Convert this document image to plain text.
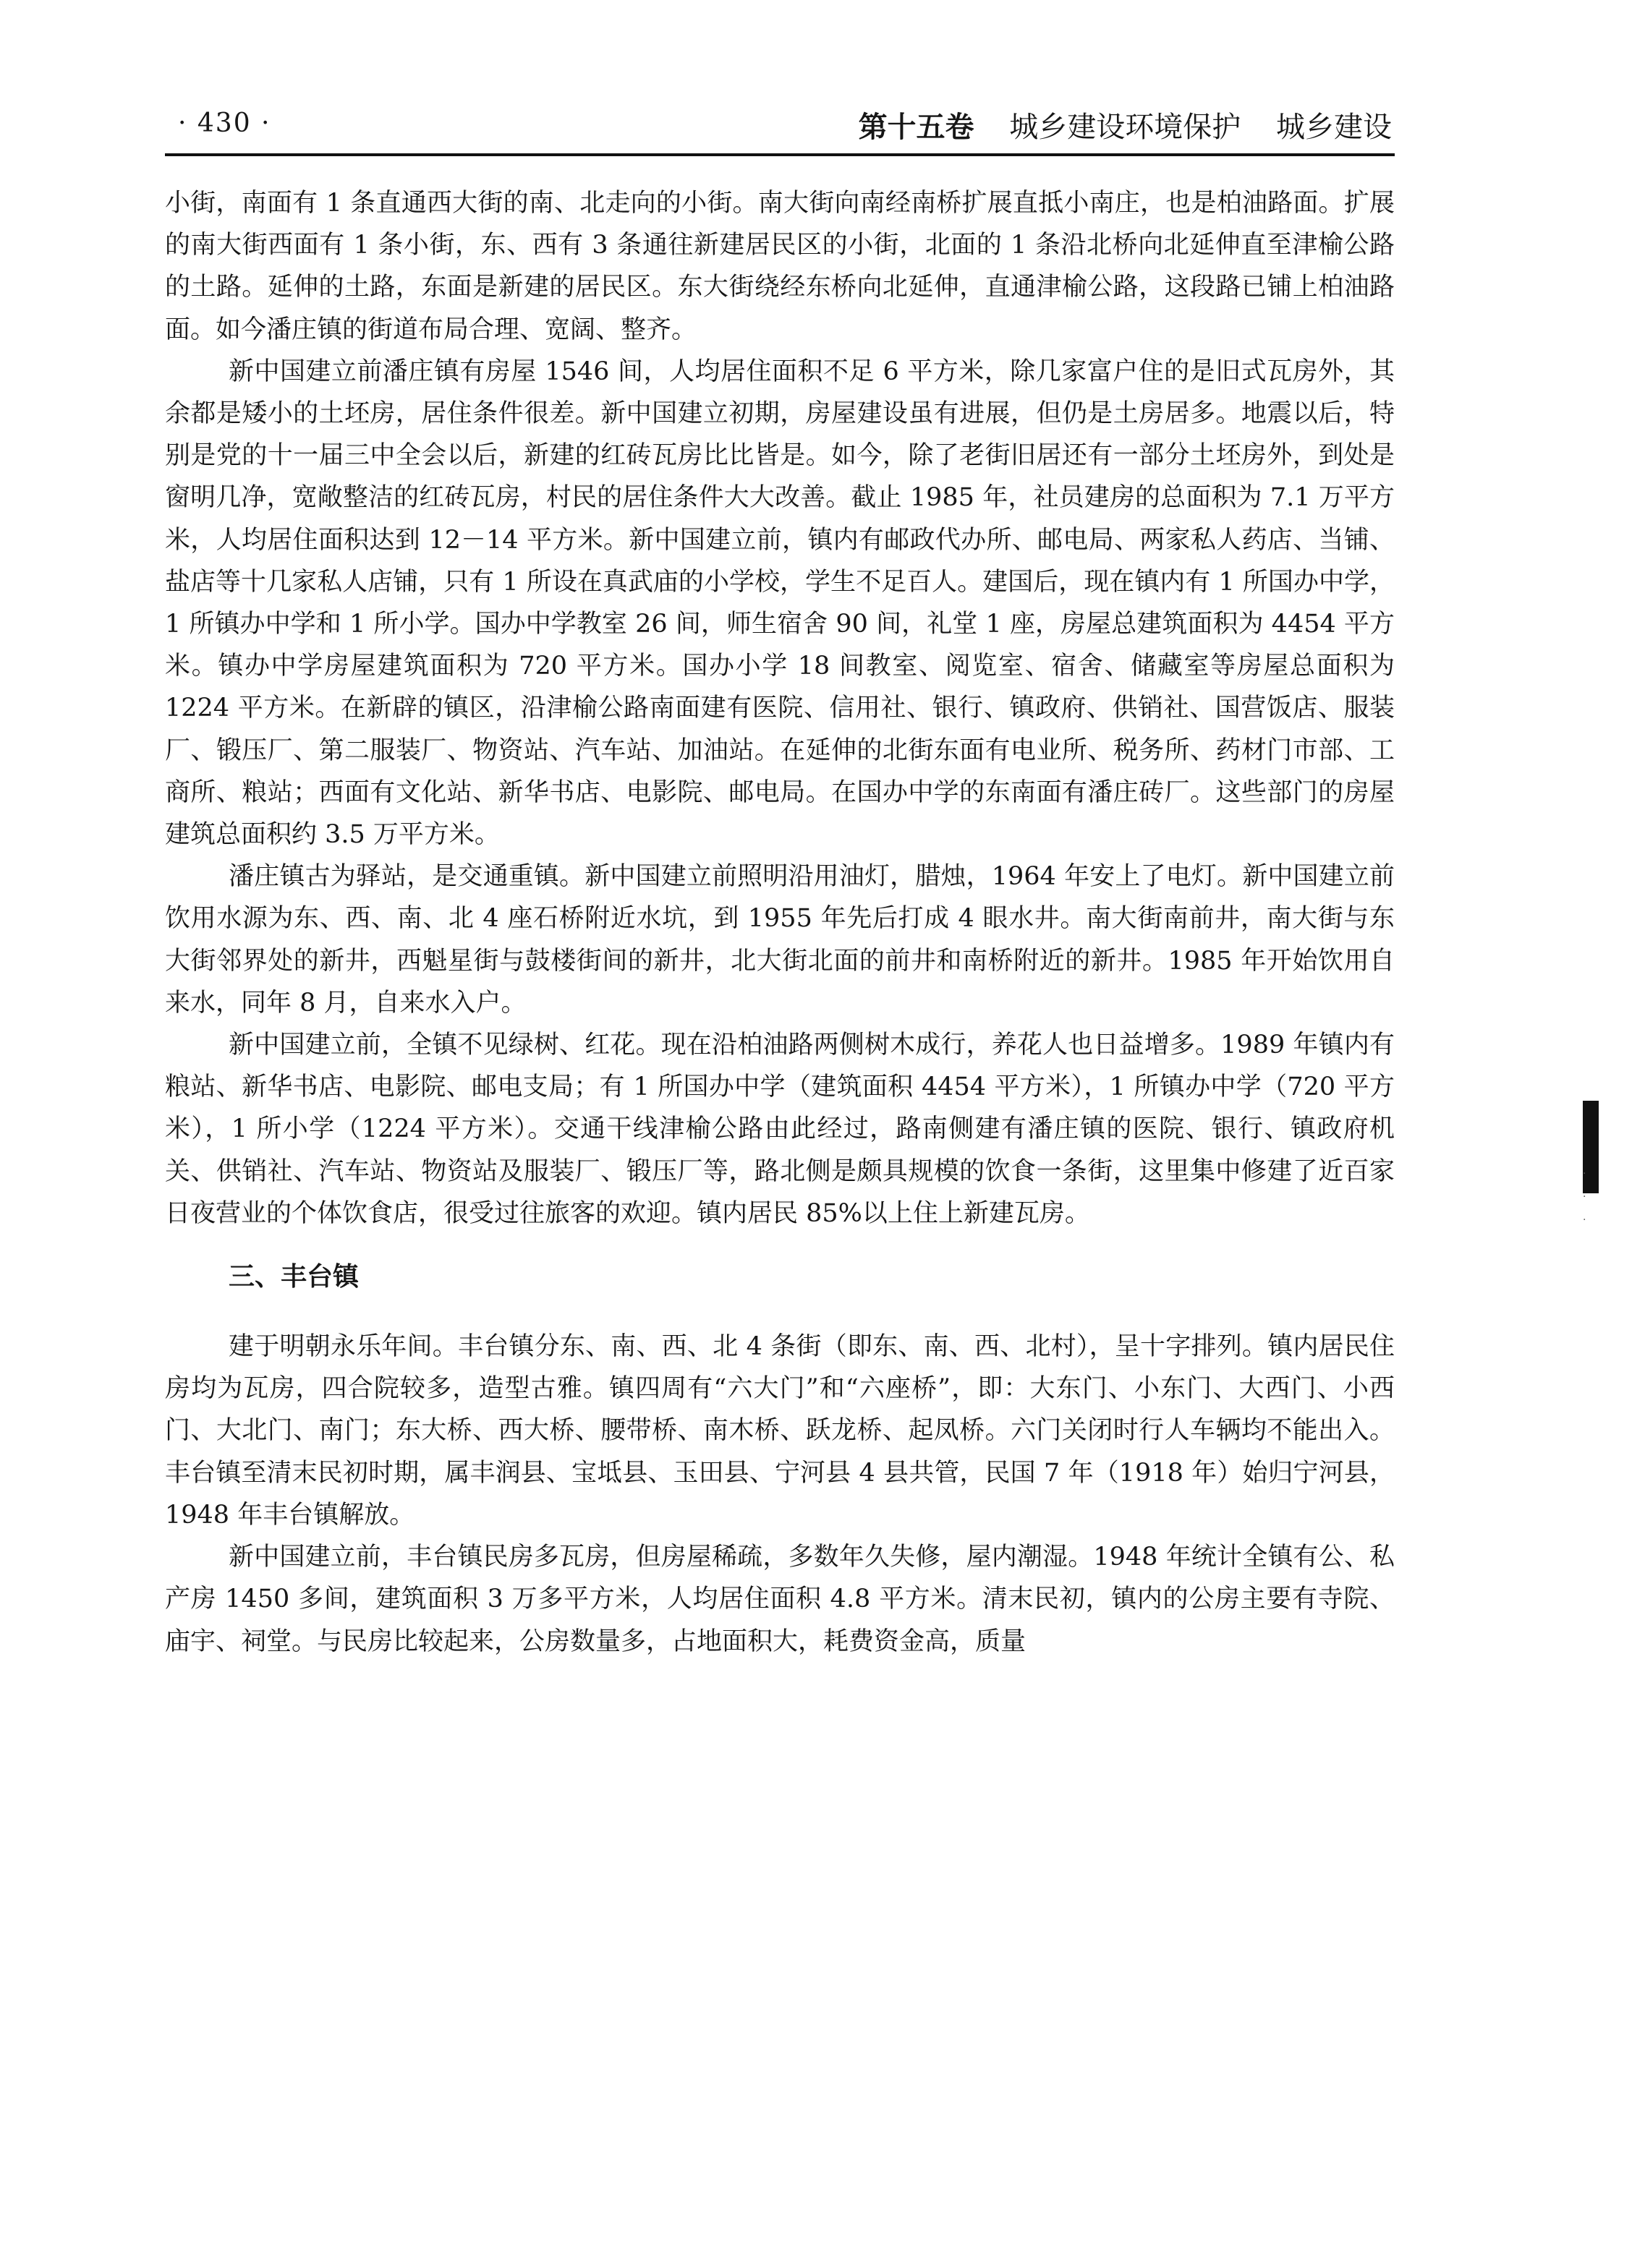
· 430 ·	第十五卷 城乡建设环境保护 城乡建设

小街，南面有 1 条直通西大街的南、北走向的小街。南大街向南经南桥扩展直抵小南庄，也是柏油路面。扩展的南大街西面有 1 条小街，东、西有 3 条通往新建居民区的小街，北面的 1 条沿北桥向北延伸直至津榆公路的土路。延伸的土路，东面是新建的居民区。东大街绕经东桥向北延伸，直通津榆公路，这段路已铺上柏油路面。如今潘庄镇的街道布局合理、宽阔、整齐。

新中国建立前潘庄镇有房屋 1546 间，人均居住面积不足 6 平方米，除几家富户住的是旧式瓦房外，其余都是矮小的土坯房，居住条件很差。新中国建立初期，房屋建设虽有进展，但仍是土房居多。地震以后，特别是党的十一届三中全会以后，新建的红砖瓦房比比皆是。如今，除了老街旧居还有一部分土坯房外，到处是窗明几净，宽敞整洁的红砖瓦房，村民的居住条件大大改善。截止 1985 年，社员建房的总面积为 7.1 万平方米，人均居住面积达到 12－14 平方米。新中国建立前，镇内有邮政代办所、邮电局、两家私人药店、当铺、盐店等十几家私人店铺，只有 1 所设在真武庙的小学校，学生不足百人。建国后，现在镇内有 1 所国办中学，1 所镇办中学和 1 所小学。国办中学教室 26 间，师生宿舍 90 间，礼堂 1 座，房屋总建筑面积为 4454 平方米。镇办中学房屋建筑面积为 720 平方米。国办小学 18 间教室、阅览室、宿舍、储藏室等房屋总面积为 1224 平方米。在新辟的镇区，沿津榆公路南面建有医院、信用社、银行、镇政府、供销社、国营饭店、服装厂、锻压厂、第二服装厂、物资站、汽车站、加油站。在延伸的北街东面有电业所、税务所、药材门市部、工商所、粮站；西面有文化站、新华书店、电影院、邮电局。在国办中学的东南面有潘庄砖厂。这些部门的房屋建筑总面积约 3.5 万平方米。

潘庄镇古为驿站，是交通重镇。新中国建立前照明沿用油灯，腊烛，1964 年安上了电灯。新中国建立前饮用水源为东、西、南、北 4 座石桥附近水坑，到 1955 年先后打成 4 眼水井。南大街南前井，南大街与东大街邻界处的新井，西魁星街与鼓楼街间的新井，北大街北面的前井和南桥附近的新井。1985 年开始饮用自来水，同年 8 月，自来水入户。

新中国建立前，全镇不见绿树、红花。现在沿柏油路两侧树木成行，养花人也日益增多。1989 年镇内有粮站、新华书店、电影院、邮电支局；有 1 所国办中学（建筑面积 4454 平方米），1 所镇办中学（720 平方米），1 所小学（1224 平方米）。交通干线津榆公路由此经过，路南侧建有潘庄镇的医院、银行、镇政府机关、供销社、汽车站、物资站及服装厂、锻压厂等，路北侧是颇具规模的饮食一条街，这里集中修建了近百家日夜营业的个体饮食店，很受过往旅客的欢迎。镇内居民 85%以上住上新建瓦房。

三、丰台镇

建于明朝永乐年间。丰台镇分东、南、西、北 4 条街（即东、南、西、北村），呈十字排列。镇内居民住房均为瓦房，四合院较多，造型古雅。镇四周有“六大门”和“六座桥”，即：大东门、小东门、大西门、小西门、大北门、南门；东大桥、西大桥、腰带桥、南木桥、跃龙桥、起凤桥。六门关闭时行人车辆均不能出入。丰台镇至清末民初时期，属丰润县、宝坻县、玉田县、宁河县 4 县共管，民国 7 年（1918 年）始归宁河县，1948 年丰台镇解放。

新中国建立前，丰台镇民房多瓦房，但房屋稀疏，多数年久失修，屋内潮湿。1948 年统计全镇有公、私产房 1450 多间，建筑面积 3 万多平方米，人均居住面积 4.8 平方米。清末民初，镇内的公房主要有寺院、庙宇、祠堂。与民房比较起来，公房数量多，占地面积大，耗费资金高，质量

·
·
·
